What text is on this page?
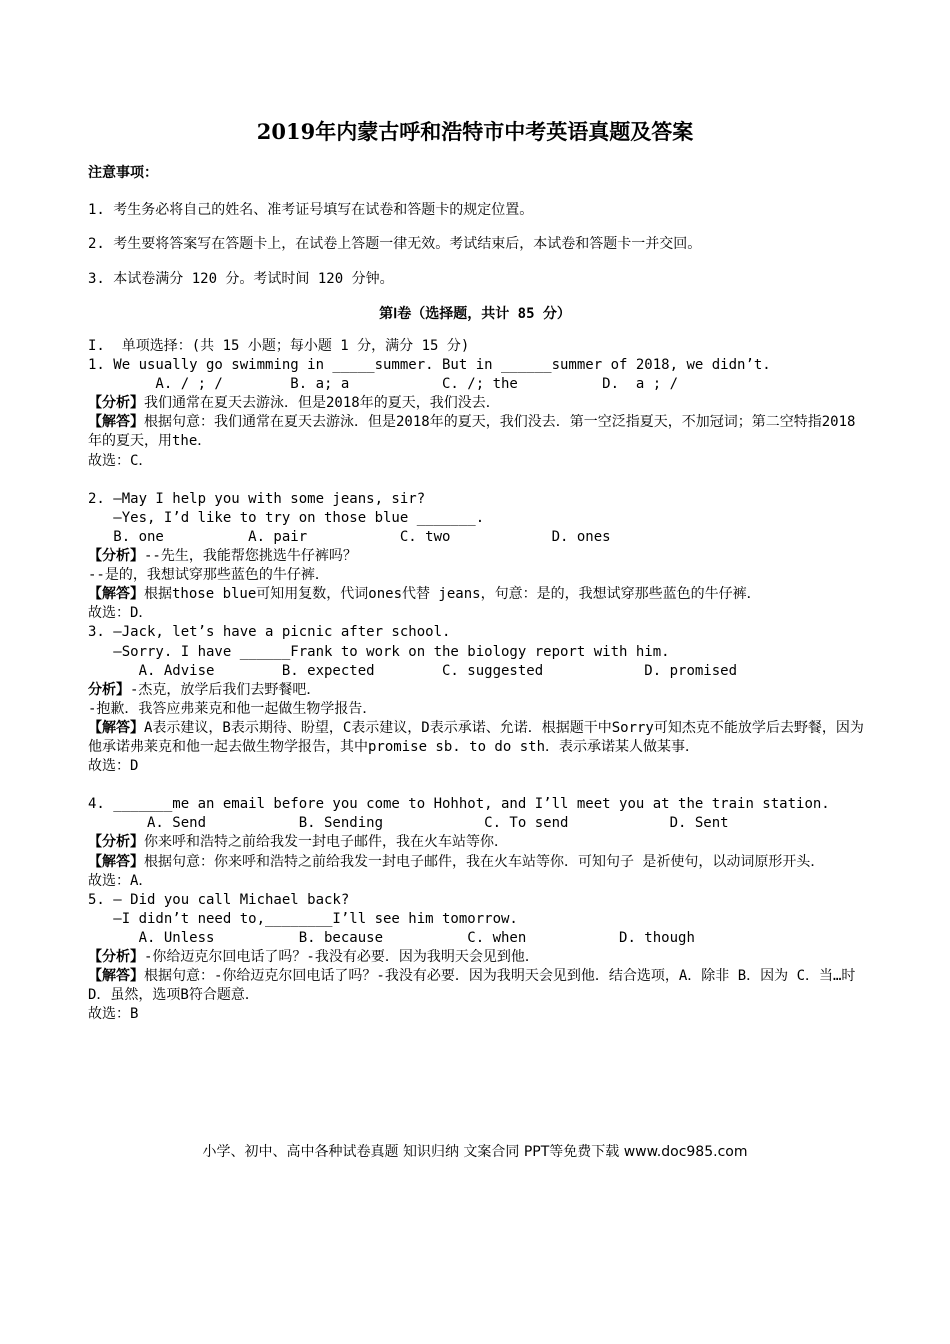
2019年内蒙古呼和浩特市中考英语真题及答案
注意事项：
1. 考生务必将自己的姓名、准考证号填写在试卷和答题卡的规定位置。
2. 考生要将答案写在答题卡上，在试卷上答题一律无效。考试结束后，本试卷和答题卡一并交回。
3. 本试卷满分 120 分。考试时间 120 分钟。
第Ⅰ卷（选择题，共计 85 分）
I.  单项选择：(共 15 小题；每小题 1 分，满分 15 分)
1. We usually go swimming in _____summer. But in ______summer of 2018, we didn’t.
A. / ; /        B. a; a           C. /; the          D.  a ; /
【分析】我们通常在夏天去游泳．但是2018年的夏天，我们没去．
【解答】根据句意：我们通常在夏天去游泳．但是2018年的夏天，我们没去．第一空泛指夏天，不加冠词；第二空特指2018年的夏天，用the．
故选：C．
2. —May I help you with some jeans, sir?
—Yes, I’d like to try on those blue _______.
B. one          A. pair           C. two            D. ones
【分析】--先生，我能帮您挑选牛仔裤吗？
--是的，我想试穿那些蓝色的牛仔裤．
【解答】根据those blue可知用复数，代词ones代替 jeans，句意：是的，我想试穿那些蓝色的牛仔裤．
故选：D．
3. —Jack, let’s have a picnic after school.
—Sorry. I have ______Frank to work on the biology report with him.
A. Advise        B. expected        C. suggested            D. promised
分析】-杰克，放学后我们去野餐吧．
-抱歉．我答应弗莱克和他一起做生物学报告．
【解答】A表示建议，B表示期待、盼望，C表示建议，D表示承诺、允诺．根据题干中Sorry可知杰克不能放学后去野餐，因为他承诺弗莱克和他一起去做生物学报告，其中promise sb. to do sth．表示承诺某人做某事．
故选：D
4. _______me an email before you come to Hohhot, and I’ll meet you at the train station.
A. Send           B. Sending            C. To send            D. Sent
【分析】你来呼和浩特之前给我发一封电子邮件，我在火车站等你．
【解答】根据句意：你来呼和浩特之前给我发一封电子邮件，我在火车站等你．可知句子 是祈使句，以动词原形开头．
故选：A．
5. — Did you call Michael back?
—I didn’t need to,________I’ll see him tomorrow.
A. Unless          B. because          C. when           D. though
【分析】-你给迈克尔回电话了吗？-我没有必要．因为我明天会见到他．
【解答】根据句意：-你给迈克尔回电话了吗？-我没有必要．因为我明天会见到他．结合选项，A．除非 B．因为 C．当…时 D．虽然，选项B符合题意．
故选：B
小学、初中、高中各种试卷真题 知识归纳 文案合同 PPT等免费下载 www.doc985.com
